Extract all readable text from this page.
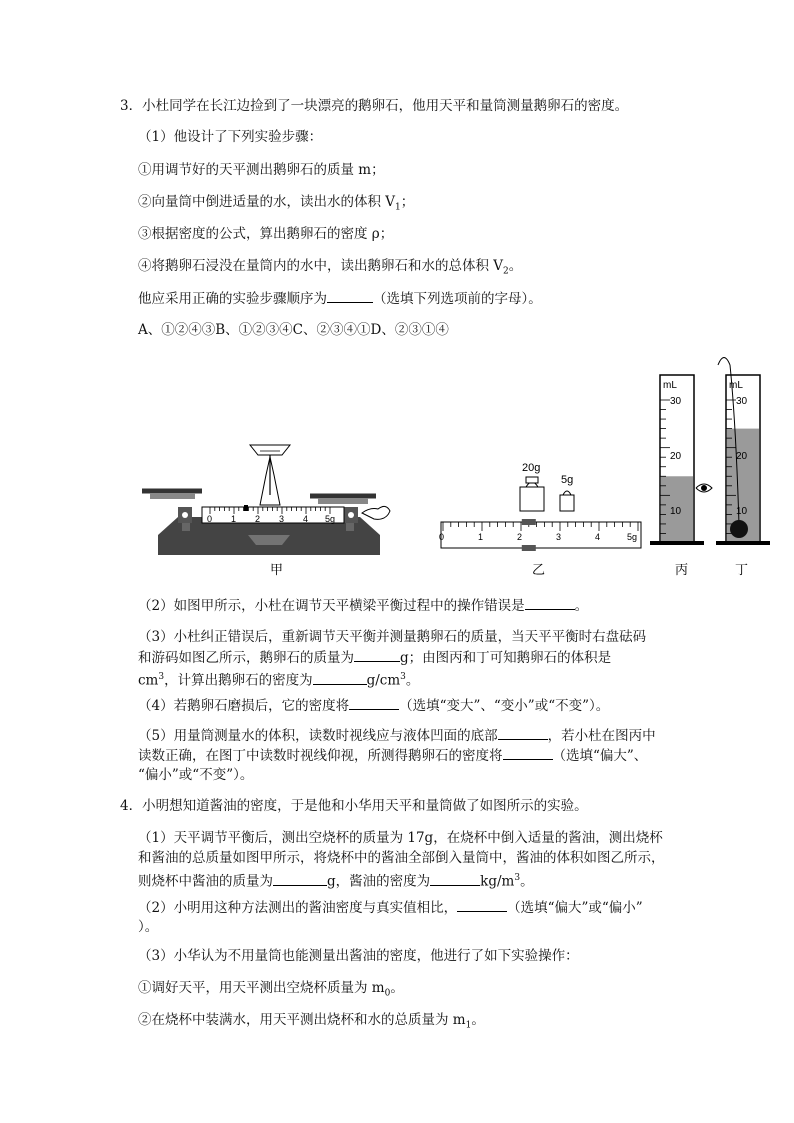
3．小杜同学在长江边捡到了一块漂亮的鹅卵石，他用天平和量筒测量鹅卵石的密度。
（1）他设计了下列实验步骤：
①用调节好的天平测出鹅卵石的质量 m；
②向量筒中倒进适量的水，读出水的体积 $V_1$；
③根据密度的公式，算出鹅卵石的密度 ρ；
④将鹅卵石浸没在量筒内的水中，读出鹅卵石和水的总体积 $V_2$。
他应采用正确的实验步骤顺序为	（选填下列选项前的字母）。
A、①②④③B、①②③④C、②③④①D、②③①④
0 1 2 3 4 5g
20g
5g
0	1	2	3	4	5g
mL
30
20
10
mL
30
20
10
甲	乙	丙	丁
（2）如图甲所示，小杜在调节天平横梁平衡过程中的操作错误是	。
（3）小杜纠正错误后，重新调节天平衡并测量鹅卵石的质量，当天平平衡时右盘砝码
和游码如图乙所示，鹅卵石的质量为	g；由图丙和丁可知鹅卵石的体积是
$cm^3$，计算出鹅卵石的密度为	$g/cm^3$。
（4）若鹅卵石磨损后，它的密度将	（选填“变大”、“变小”或“不变”）。
（5）用量筒测量水的体积，读数时视线应与液体凹面的底部	，若小杜在图丙中
读数正确，在图丁中读数时视线仰视，所测得鹅卵石的密度将	（选填“偏大”、
“偏小”或“不变”）。
4．小明想知道酱油的密度，于是他和小华用天平和量筒做了如图所示的实验。
（1）天平调节平衡后，测出空烧杯的质量为 17g，在烧杯中倒入适量的酱油，测出烧杯
和酱油的总质量如图甲所示，将烧杯中的酱油全部倒入量筒中，酱油的体积如图乙所示，
则烧杯中酱油的质量为	g，酱油的密度为	$kg/m^3$。
（2）小明用这种方法测出的酱油密度与真实值相比，	（选填“偏大”或“偏小”
）。
（3）小华认为不用量筒也能测量出酱油的密度，他进行了如下实验操作：
①调好天平，用天平测出空烧杯质量为 $m_0$。
②在烧杯中装满水，用天平测出烧杯和水的总质量为 $m_1$。
